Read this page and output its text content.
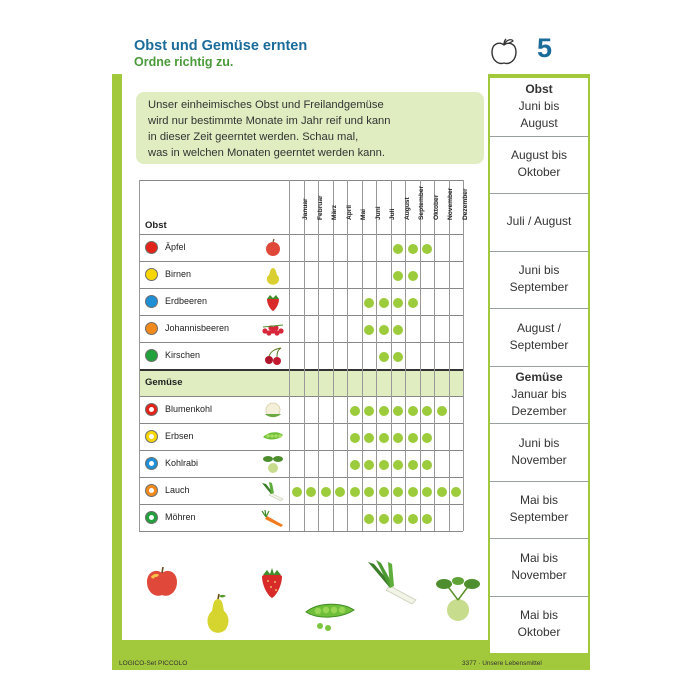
Obst und Gemüse ernten
Ordne richtig zu.	5
Unser einheimisches Obst und Freilandgemüse
wird nur bestimmte Monate im Jahr reif und kann
in dieser Zeit geerntet werden. Schau mal,
was in welchen Monaten geerntet werden kann.
Januar Februar März April Mai Juni Juli August September Oktober November Dezember
Obst
Gemüse
Äpfel
Birnen
Erdbeeren
Johannisbeeren
Kirschen
Blumenkohl
Erbsen
Kohlrabi
Lauch
Möhren
Obst
Juni bis
August
August bis
Oktober
Juli / August
Juni bis
September
August /
September
Gemüse
Januar bis
Dezember
Juni bis
November
Mai bis
September
Mai bis
November
Mai bis
Oktober
LOGICO-Set PICCOLO	3377 · Unsere Lebensmittel
